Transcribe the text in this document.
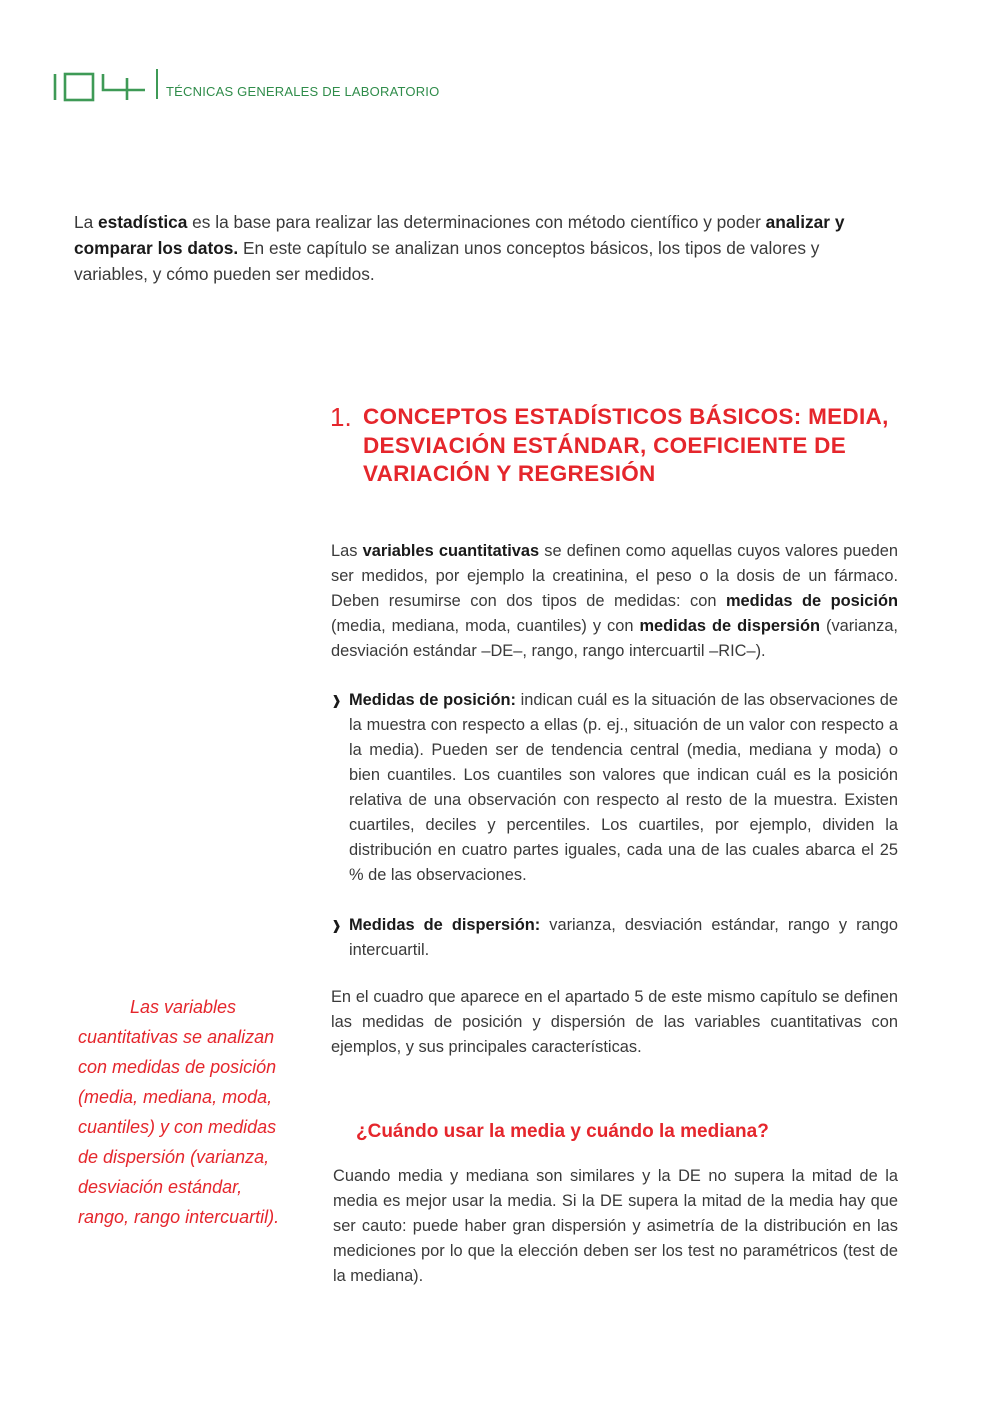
TÉCNICAS GENERALES DE LABORATORIO

La estadística es la base para realizar las determinaciones con método científico y poder analizar y comparar los datos. En este capítulo se analizan unos conceptos básicos, los tipos de valores y variables, y cómo pueden ser medidos.

1. CONCEPTOS ESTADÍSTICOS BÁSICOS: MEDIA, DESVIACIÓN ESTÁNDAR, COEFICIENTE DE VARIACIÓN Y REGRESIÓN

Las variables cuantitativas se definen como aquellas cuyos valores pueden ser medidos, por ejemplo la creatinina, el peso o la dosis de un fármaco. Deben resumirse con dos tipos de medidas: con medidas de posición (media, mediana, moda, cuantiles) y con medidas de dispersión (varianza, desviación estándar –DE–, rango, rango intercuartil –RIC–).

❱ Medidas de posición: indican cuál es la situación de las observaciones de la muestra con respecto a ellas (p. ej., situación de un valor con respecto a la media). Pueden ser de tendencia central (media, mediana y moda) o bien cuantiles. Los cuantiles son valores que indican cuál es la posición relativa de una observación con respecto al resto de la muestra. Existen cuartiles, deciles y percentiles. Los cuartiles, por ejemplo, dividen la distribución en cuatro partes iguales, cada una de las cuales abarca el 25 % de las observaciones.
❱ Medidas de dispersión: varianza, desviación estándar, rango y rango intercuartil.

En el cuadro que aparece en el apartado 5 de este mismo capítulo se definen las medidas de posición y dispersión de las variables cuantitativas con ejemplos, y sus principales características.

¿Cuándo usar la media y cuándo la mediana?

Cuando media y mediana son similares y la DE no supera la mitad de la media es mejor usar la media. Si la DE supera la mitad de la media hay que ser cauto: puede haber gran dispersión y asimetría de la distribución en las mediciones por lo que la elección deben ser los test no paramétricos (test de la mediana).

Las variables cuantitativas se analizan con medidas de posición (media, mediana, moda, cuantiles) y con medidas de dispersión (varianza, desviación estándar, rango, rango intercuartil).
